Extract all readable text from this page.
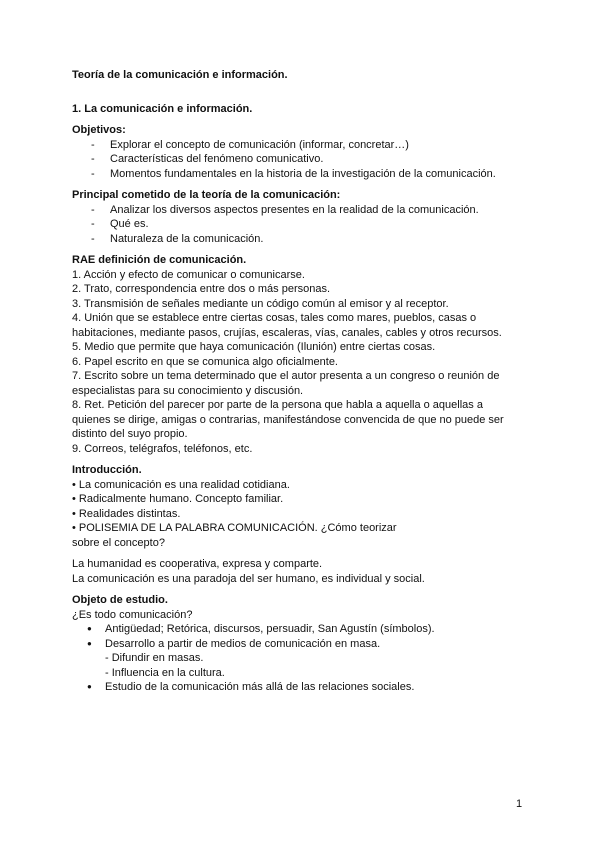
Teoría de la comunicación e información.

1. La comunicación e información.

Objetivos:

- Explorar el concepto de comunicación (informar, concretar…)
- Características del fenómeno comunicativo.
- Momentos fundamentales en la historia de la investigación de la comunicación.

Principal cometido de la teoría de la comunicación:

- Analizar los diversos aspectos presentes en la realidad de la comunicación.
- Qué es.
- Naturaleza de la comunicación.

RAE definición de comunicación.

1. Acción y efecto de comunicar o comunicarse.

2. Trato, correspondencia entre dos o más personas.

3. Transmisión de señales mediante un código común al emisor y al receptor.

4. Unión que se establece entre ciertas cosas, tales como mares, pueblos, casas o

habitaciones, mediante pasos, crujías, escaleras, vías, canales, cables y otros recursos.

5. Medio que permite que haya comunicación (Ilunión) entre ciertas cosas.

6. Papel escrito en que se comunica algo oficialmente.

7. Escrito sobre un tema determinado que el autor presenta a un congreso o reunión de

especialistas para su conocimiento y discusión.

8. Ret. Petición del parecer por parte de la persona que habla a aquella o aquellas a

quienes se dirige, amigas o contrarias, manifestándose convencida de que no puede ser

distinto del suyo propio.

9. Correos, telégrafos, teléfonos, etc.

Introducción.

• La comunicación es una realidad cotidiana.

• Radicalmente humano. Concepto familiar.

• Realidades distintas.

• POLISEMIA DE LA PALABRA COMUNICACIÓN. ¿Cómo teorizar

sobre el concepto?

La humanidad es cooperativa, expresa y comparte.

La comunicación es una paradoja del ser humano, es individual y social.

Objeto de estudio.

¿Es todo comunicación?

● Antigüedad; Retórica, discursos, persuadir, San Agustín (símbolos).
● Desarrollo a partir de medios de comunicación en masa.

- Difundir en masas.

- Influencia en la cultura.

● Estudio de la comunicación más allá de las relaciones sociales.
1
